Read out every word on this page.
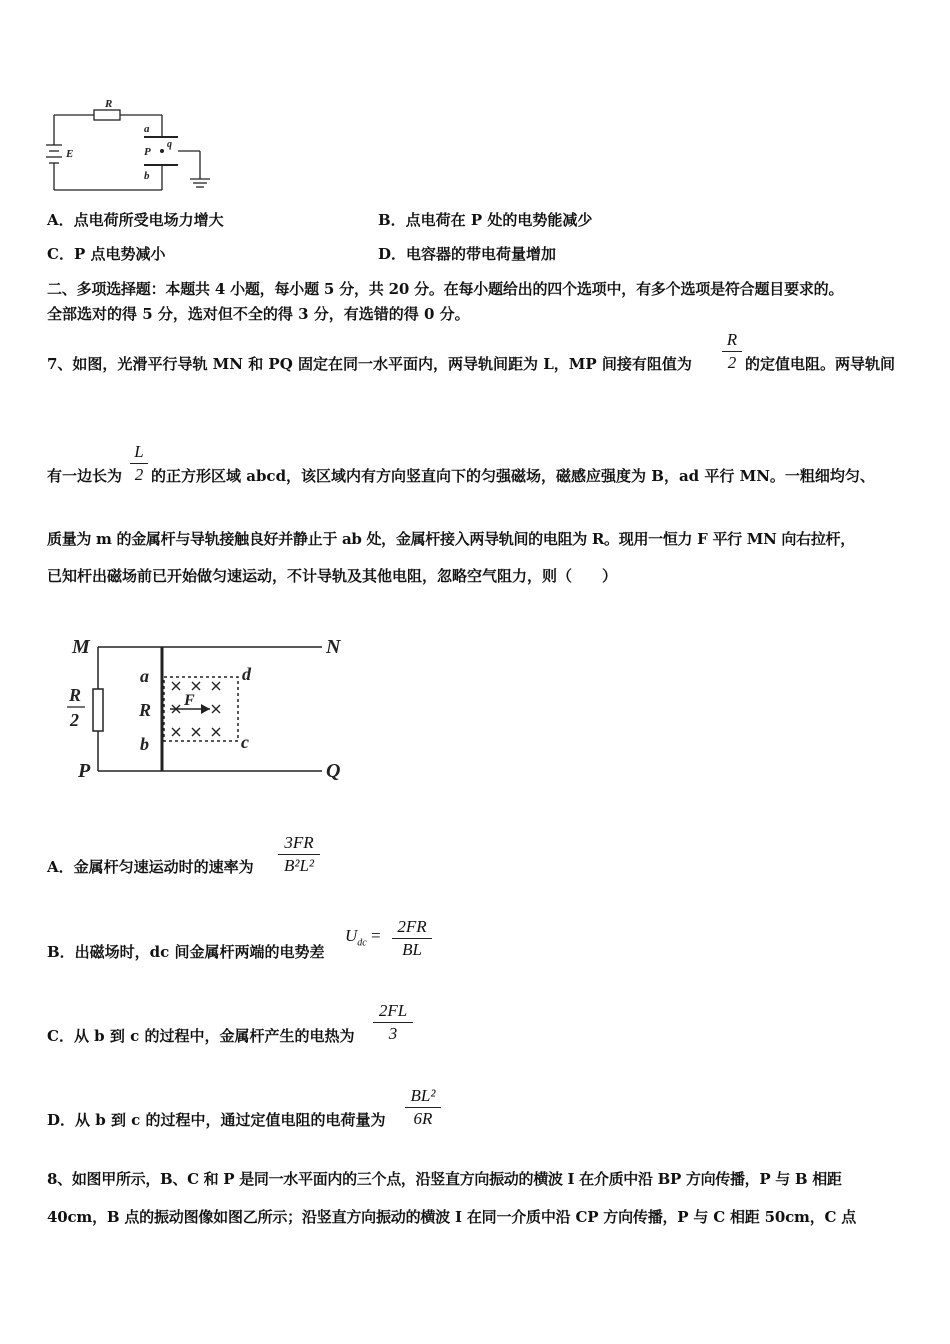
R
E
a
P
q
b
A．点电荷所受电场力增大	B．点电荷在 P 处的电势能减少
C．P 点电势减小	D．电容器的带电荷量增加
二、多项选择题：本题共 4 小题，每小题 5 分，共 20 分。在每小题给出的四个选项中，有多个选项是符合题目要求的。
全部选对的得 5 分，选对但不全的得 3 分，有选错的得 0 分。
7、如图，光滑平行导轨 MN 和 PQ 固定在同一水平面内，两导轨间距为 L，MP 间接有阻值为
R
2 的定值电阻。两导轨间
有一边长为
L
2 的正方形区域 abcd，该区域内有方向竖直向下的匀强磁场，磁感应强度为 B，ad 平行 MN。一粗细均匀、
质量为 m 的金属杆与导轨接触良好并静止于 ab 处，金属杆接入两导轨间的电阻为 R。现用一恒力 F 平行 MN 向右拉杆，
已知杆出磁场前已开始做匀速运动，不计导轨及其他电阻，忽略空气阻力，则（　　）
M	N
P	Q
R
2
a
R
b
d
c
F
A．金属杆匀速运动时的速率为
3FR
B²L²
B．出磁场时，dc 间金属杆两端的电势差
$U_{dc} = 2FR$
BL
C．从 b 到 c 的过程中，金属杆产生的电热为
2FL
3
D．从 b 到 c 的过程中，通过定值电阻的电荷量为
BL²
6R
8、如图甲所示，B、C 和 P 是同一水平面内的三个点，沿竖直方向振动的横波 I 在介质中沿 BP 方向传播，P 与 B 相距
40cm，B 点的振动图像如图乙所示；沿竖直方向振动的横波 I 在同一介质中沿 CP 方向传播，P 与 C 相距 50cm，C 点
